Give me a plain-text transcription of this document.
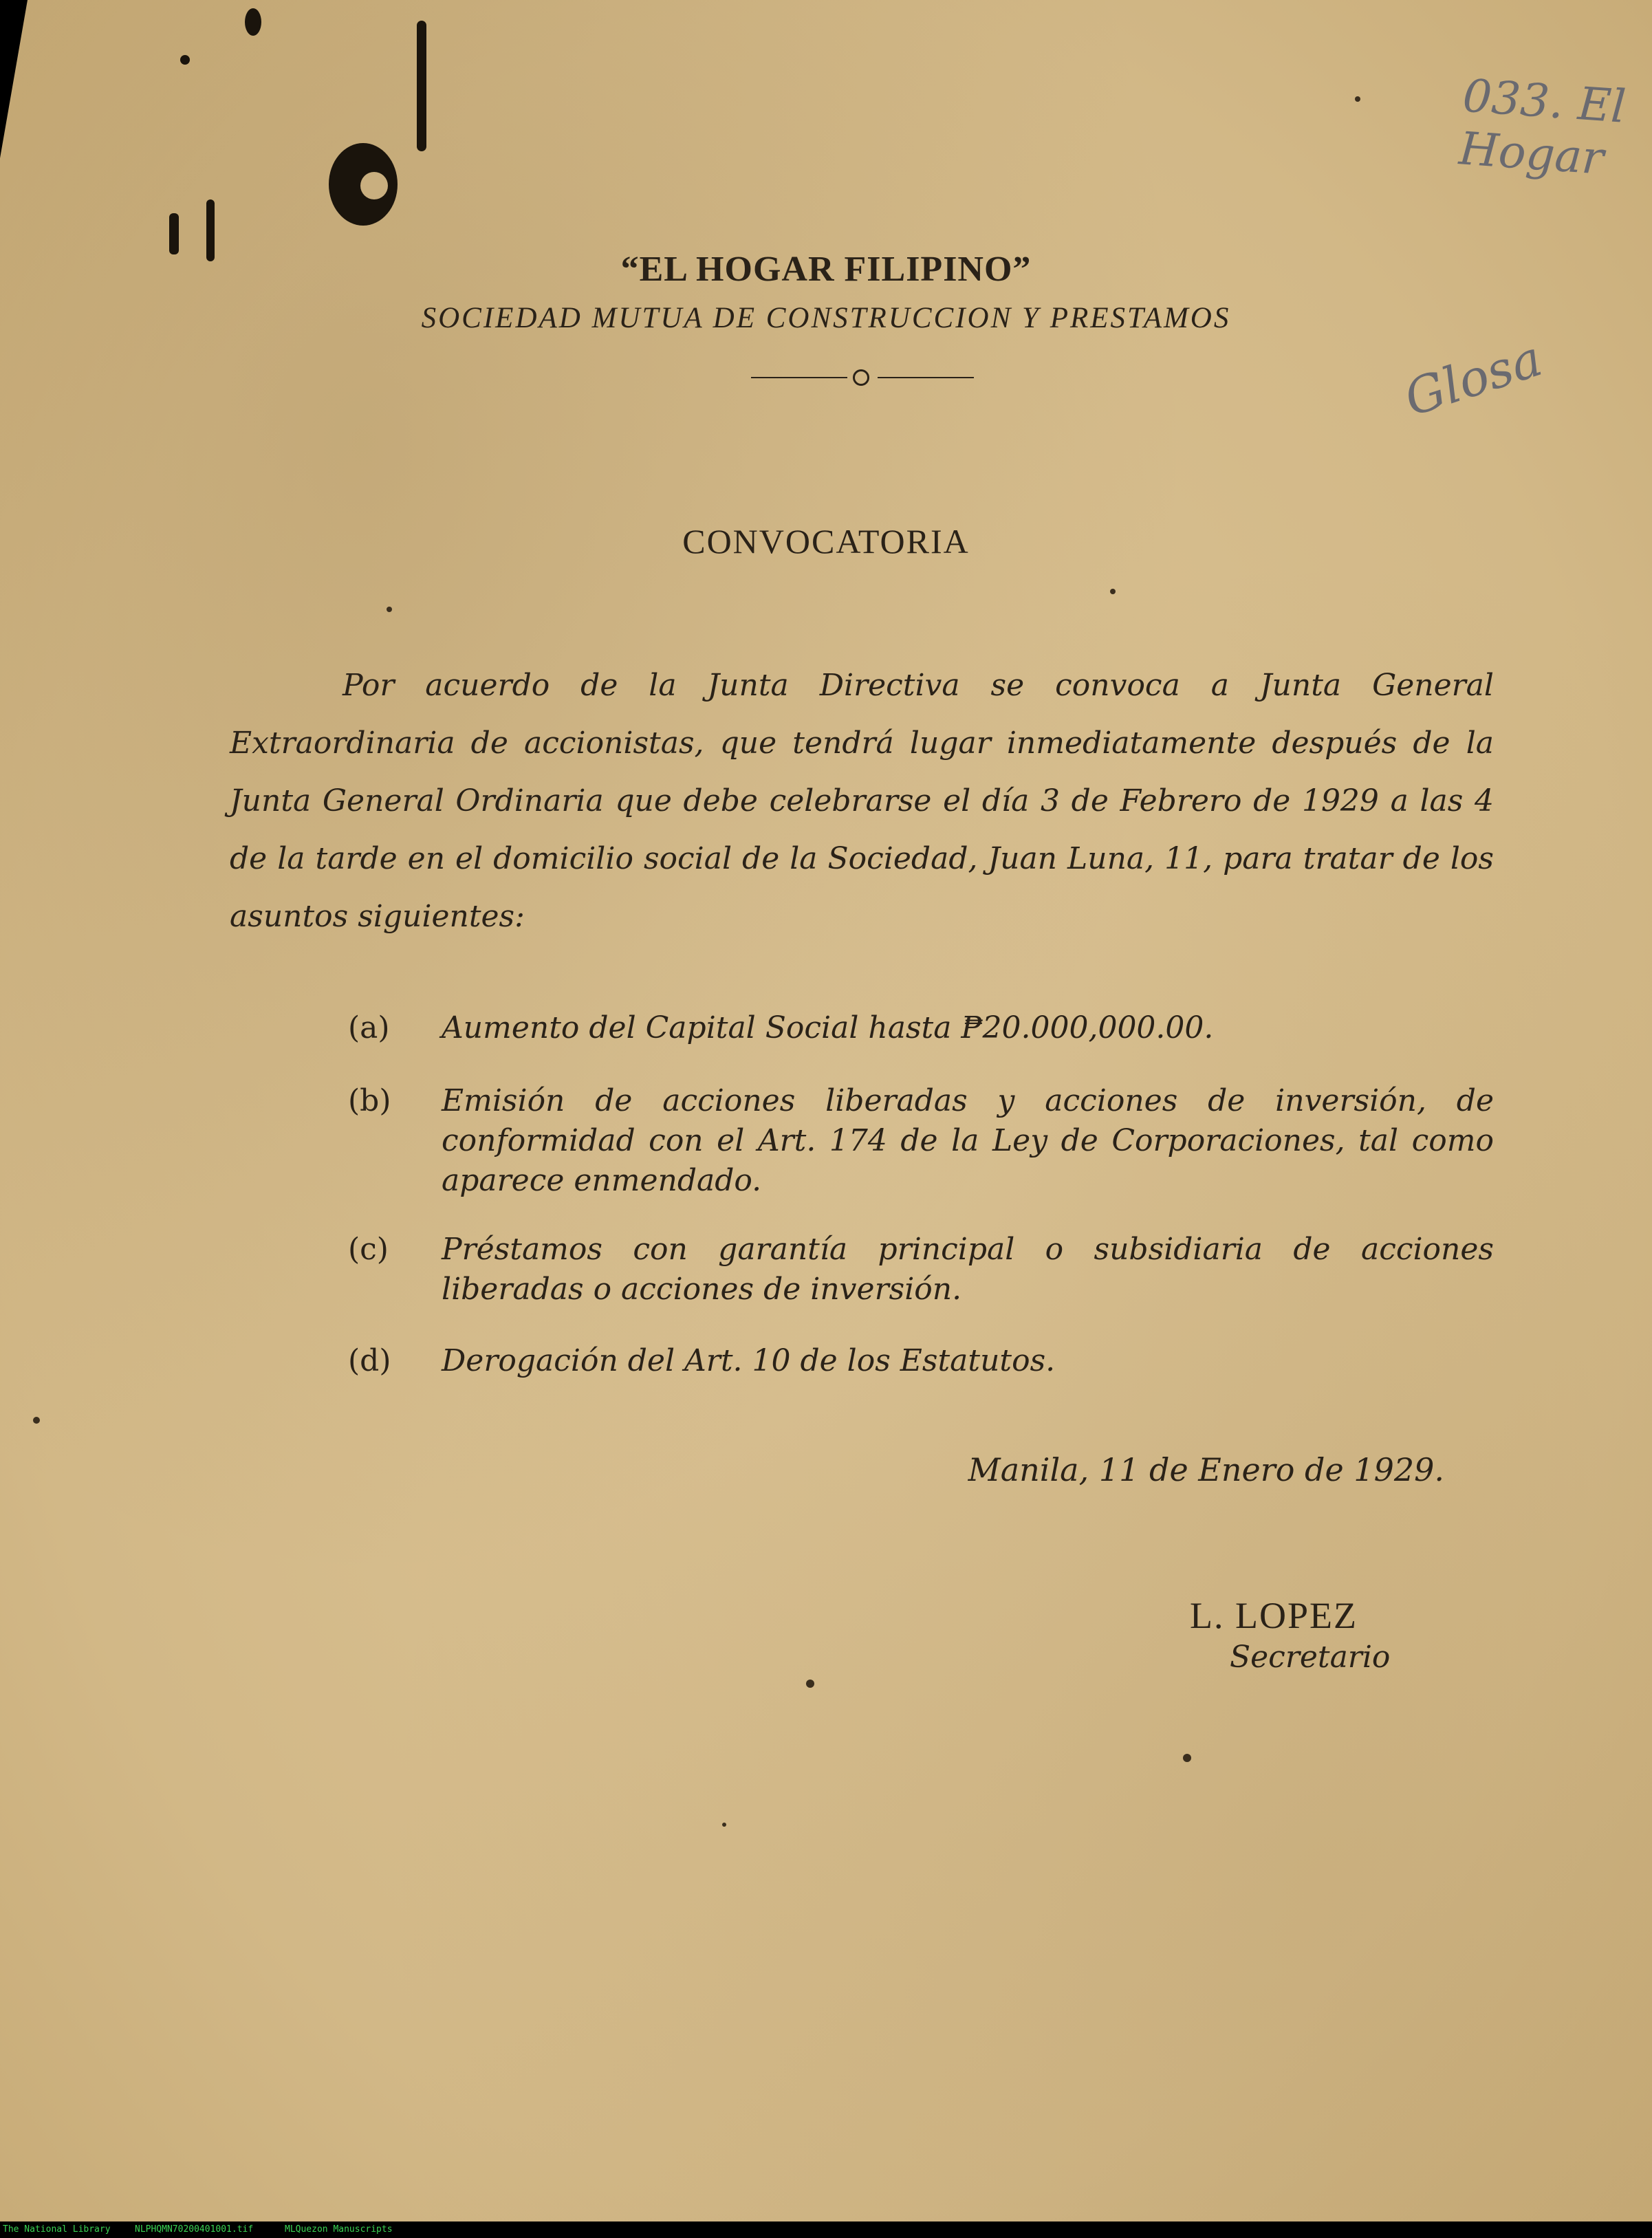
033. El Hogar
Glosa
“EL HOGAR FILIPINO”
SOCIEDAD MUTUA DE CONSTRUCCION Y PRESTAMOS
CONVOCATORIA
Por acuerdo de la Junta Directiva se convoca a Junta General Extraordinaria de accionistas, que tendrá lugar inmediatamente después de la Junta General Ordinaria que debe celebrarse el día 3 de Febrero de 1929 a las 4 de la tarde en el domicilio social de la Sociedad, Juan Luna, 11, para tratar de los asuntos siguientes:
(a)	Aumento del Capital Social hasta ₱20.000,000.00.
(b)	Emisión de acciones liberadas y acciones de inversión, de conformidad con el Art. 174 de la Ley de Corporaciones, tal como aparece enmendado.
(c)	Préstamos con garantía principal o subsidiaria de acciones liberadas o acciones de inversión.
(d)	Derogación del Art. 10 de los Estatutos.
Manila, 11 de Enero de 1929.
L. LOPEZ
Secretario
The National Library	NLPHQMN70200401001.tif	MLQuezon Manuscripts
